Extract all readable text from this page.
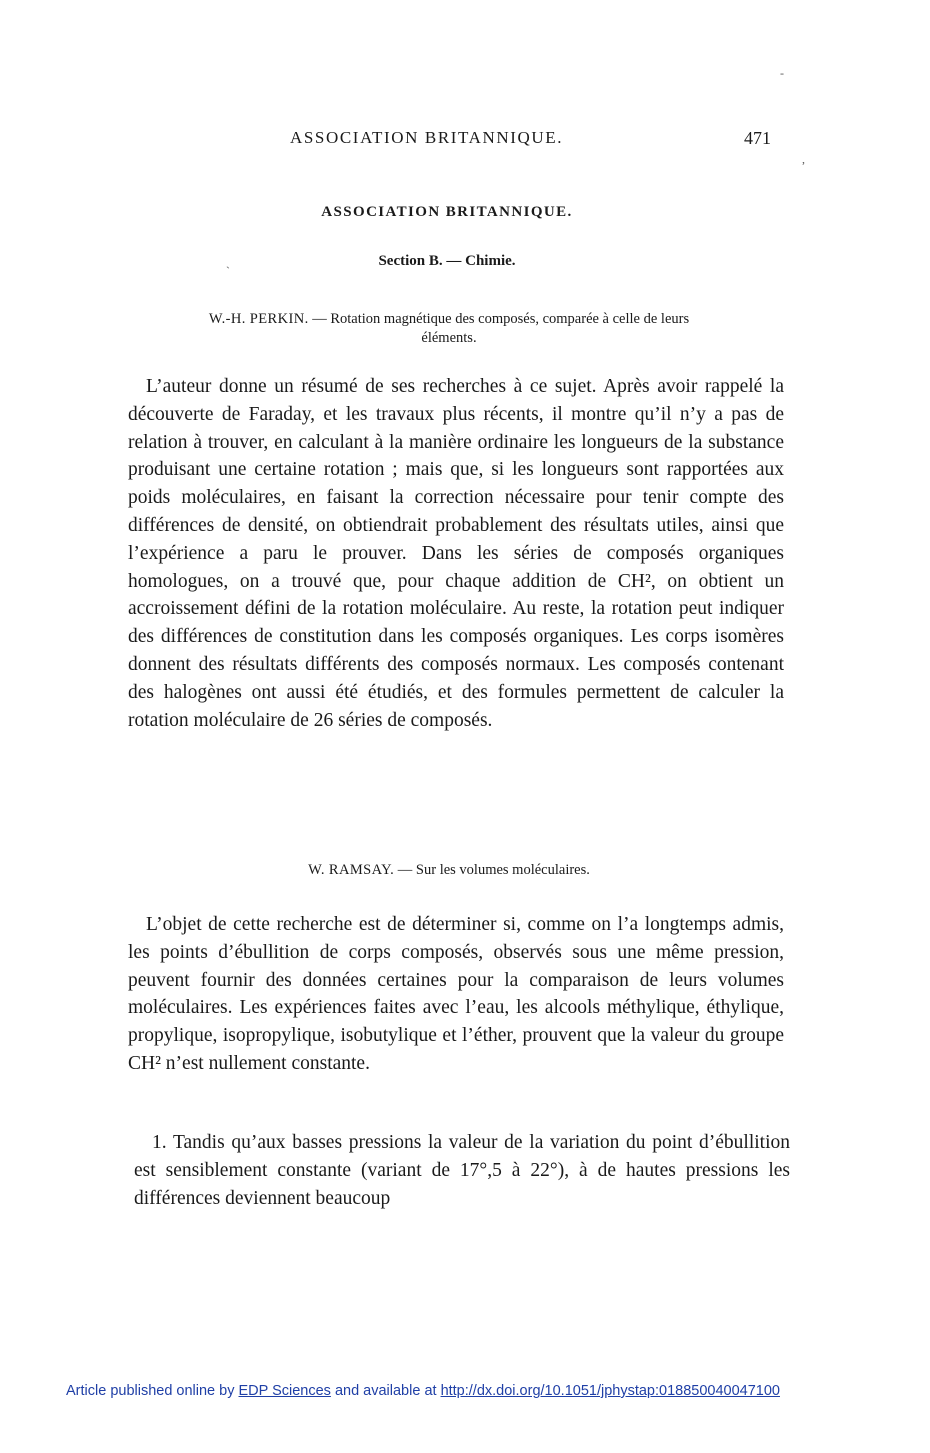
-
,
ˋ
ASSOCIATION BRITANNIQUE.	471
ASSOCIATION BRITANNIQUE.
Section B. — Chimie.
W.-H. PERKIN. — Rotation magnétique des composés, comparée à celle de leurs
éléments.
L’auteur donne un résumé de ses recherches à ce sujet. Après avoir rappelé la découverte de Faraday, et les travaux plus récents, il montre qu’il n’y a pas de relation à trouver, en calculant à la manière ordinaire les longueurs de la substance produisant une certaine rotation ; mais que, si les longueurs sont rapportées aux poids moléculaires, en faisant la correction nécessaire pour tenir compte des différences de densité, on obtiendrait probablement des résultats utiles, ainsi que l’expérience a paru le prouver. Dans les séries de composés organiques homologues, on a trouvé que, pour chaque addition de CH², on obtient un accroissement défini de la rotation moléculaire. Au reste, la rotation peut indiquer des différences de constitution dans les composés organiques. Les corps isomères donnent des résultats différents des composés normaux. Les composés contenant des halogènes ont aussi été étudiés, et des formules permettent de calculer la rotation moléculaire de 26 séries de composés.
W. RAMSAY. — Sur les volumes moléculaires.
L’objet de cette recherche est de déterminer si, comme on l’a longtemps admis, les points d’ébullition de corps composés, observés sous une même pression, peuvent fournir des données certaines pour la comparaison de leurs volumes moléculaires. Les expériences faites avec l’eau, les alcools méthylique, éthylique, propylique, isopropylique, isobutylique et l’éther, prouvent que la valeur du groupe CH² n’est nullement constante.
1. Tandis qu’aux basses pressions la valeur de la variation du point d’ébullition est sensiblement constante (variant de 17°,5 à 22°), à de hautes pressions les différences deviennent beaucoup
Article published online by EDP Sciences and available at http://dx.doi.org/10.1051/jphystap:018850040047100
